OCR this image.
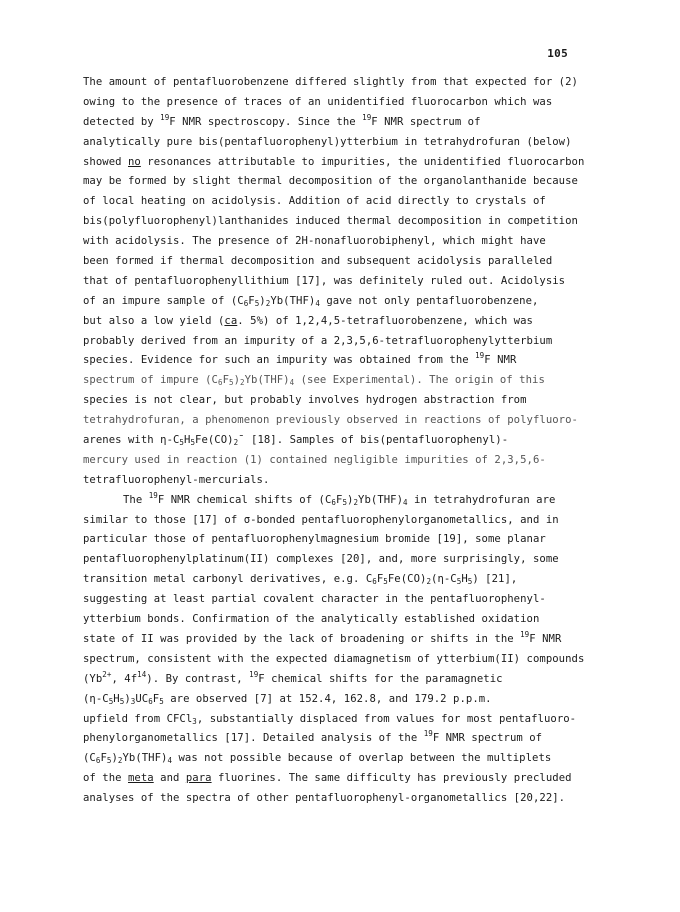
105
The amount of pentafluorobenzene differed slightly from that expected for (2)
owing to the presence of traces of an unidentified fluorocarbon which was
detected by $^{19}$F NMR spectroscopy. Since the $^{19}$F NMR spectrum of
analytically pure bis(pentafluorophenyl)ytterbium in tetrahydrofuran (below)
showed no resonances attributable to impurities, the unidentified fluorocarbon
may be formed by slight thermal decomposition of the organolanthanide because
of local heating on acidolysis. Addition of acid directly to crystals of
bis(polyfluorophenyl)lanthanides induced thermal decomposition in competition
with acidolysis. The presence of 2H-nonafluorobiphenyl, which might have
been formed if thermal decomposition and subsequent acidolysis paralleled
that of pentafluorophenyllithium [17], was definitely ruled out. Acidolysis
of an impure sample of $(C_6F_5)_2Yb(THF)_4$ gave not only pentafluorobenzene,
but also a low yield (ca. 5%) of 1,2,4,5-tetrafluorobenzene, which was
probably derived from an impurity of a 2,3,5,6-tetrafluorophenylytterbium
species. Evidence for such an impurity was obtained from the $^{19}$F NMR
spectrum of impure $(C_6F_5)_2Yb(THF)_4$ (see Experimental). The origin of this
species is not clear, but probably involves hydrogen abstraction from
tetrahydrofuran, a phenomenon previously observed in reactions of polyfluoro-
arenes with $\eta-C_5H_5Fe(CO)_2¯$ [18]. Samples of bis(pentafluorophenyl)-
mercury used in reaction (1) contained negligible impurities of 2,3,5,6-
tetrafluorophenyl-mercurials.
The $^{19}$F NMR chemical shifts of $(C_6F_5)_2Yb(THF)_4$ in tetrahydrofuran are
similar to those [17] of σ-bonded pentafluorophenylorganometallics, and in
particular those of pentafluorophenylmagnesium bromide [19], some planar
pentafluorophenylplatinum(II) complexes [20], and, more surprisingly, some
transition metal carbonyl derivatives, e.g. $C_6F_5Fe(CO)_2(\eta-C_5H_5)$ [21],
suggesting at least partial covalent character in the pentafluorophenyl-
ytterbium bonds. Confirmation of the analytically established oxidation
state of II was provided by the lack of broadening or shifts in the $^{19}$F NMR
spectrum, consistent with the expected diamagnetism of ytterbium(II) compounds
($Yb^{2+}$, $4f^{14}$). By contrast, $^{19}$F chemical shifts for the paramagnetic
$(\eta-C_5H_5)_3UC_6F_5$ are observed [7] at 152.4, 162.8, and 179.2 p.p.m.
upfield from CFCl$_3$, substantially displaced from values for most pentafluoro-
phenylorganometallics [17]. Detailed analysis of the $^{19}$F NMR spectrum of
$(C_6F_5)_2Yb(THF)_4$ was not possible because of overlap between the multiplets
of the meta and para fluorines. The same difficulty has previously precluded
analyses of the spectra of other pentafluorophenyl-organometallics [20,22].
